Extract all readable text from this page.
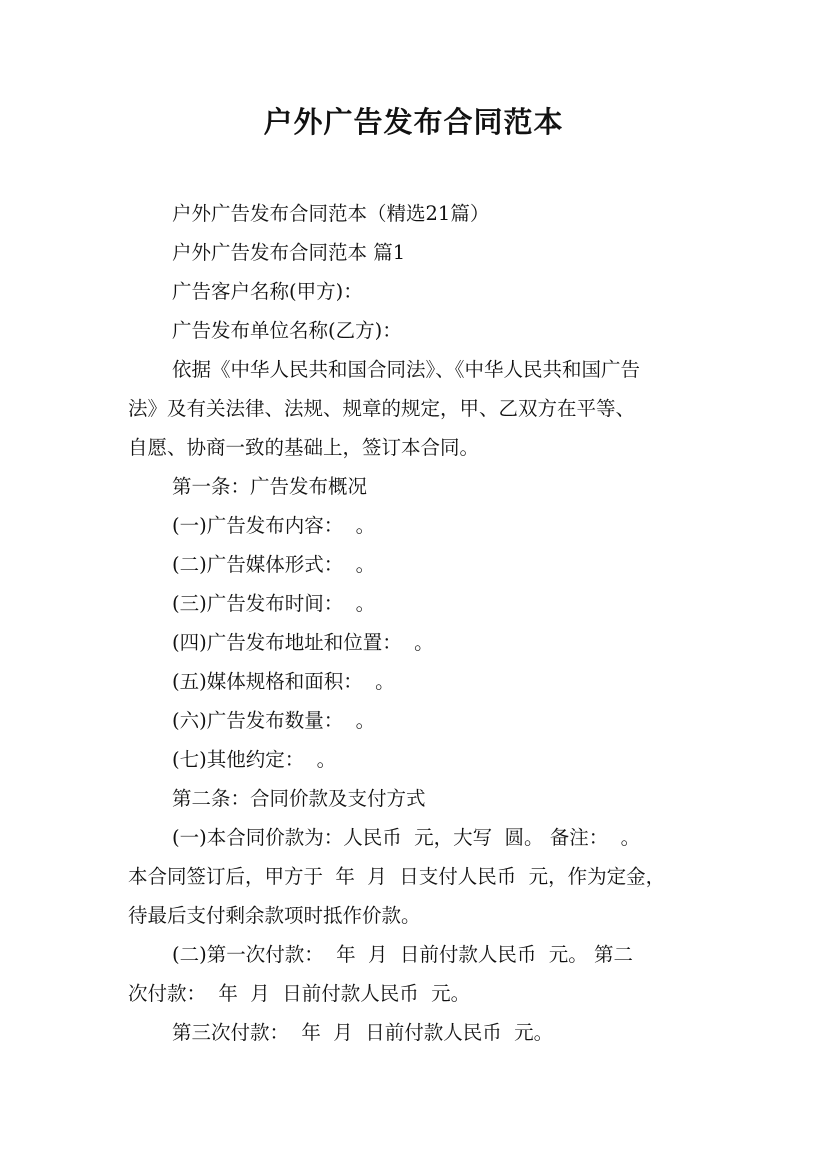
户外广告发布合同范本

户外广告发布合同范本（精选21篇）

户外广告发布合同范本 篇1

广告客户名称(甲方)：

广告发布单位名称(乙方)：

依据《中华人民共和国合同法》、《中华人民共和国广告

法》及有关法律、法规、规章的规定，甲、乙双方在平等、

自愿、协商一致的基础上，签订本合同。

第一条：广告发布概况

(一)广告发布内容：  。

(二)广告媒体形式：  。

(三)广告发布时间：  。

(四)广告发布地址和位置：  。

(五)媒体规格和面积：  。

(六)广告发布数量：  。

(七)其他约定：  。

第二条：合同价款及支付方式

(一)本合同价款为：人民币  元，大写  圆。 备注：  。

本合同签订后，甲方于  年  月  日支付人民币  元，作为定金，

待最后支付剩余款项时抵作价款。

(二)第一次付款：  年  月  日前付款人民币  元。 第二

次付款：  年  月  日前付款人民币  元。

第三次付款：  年  月  日前付款人民币  元。
